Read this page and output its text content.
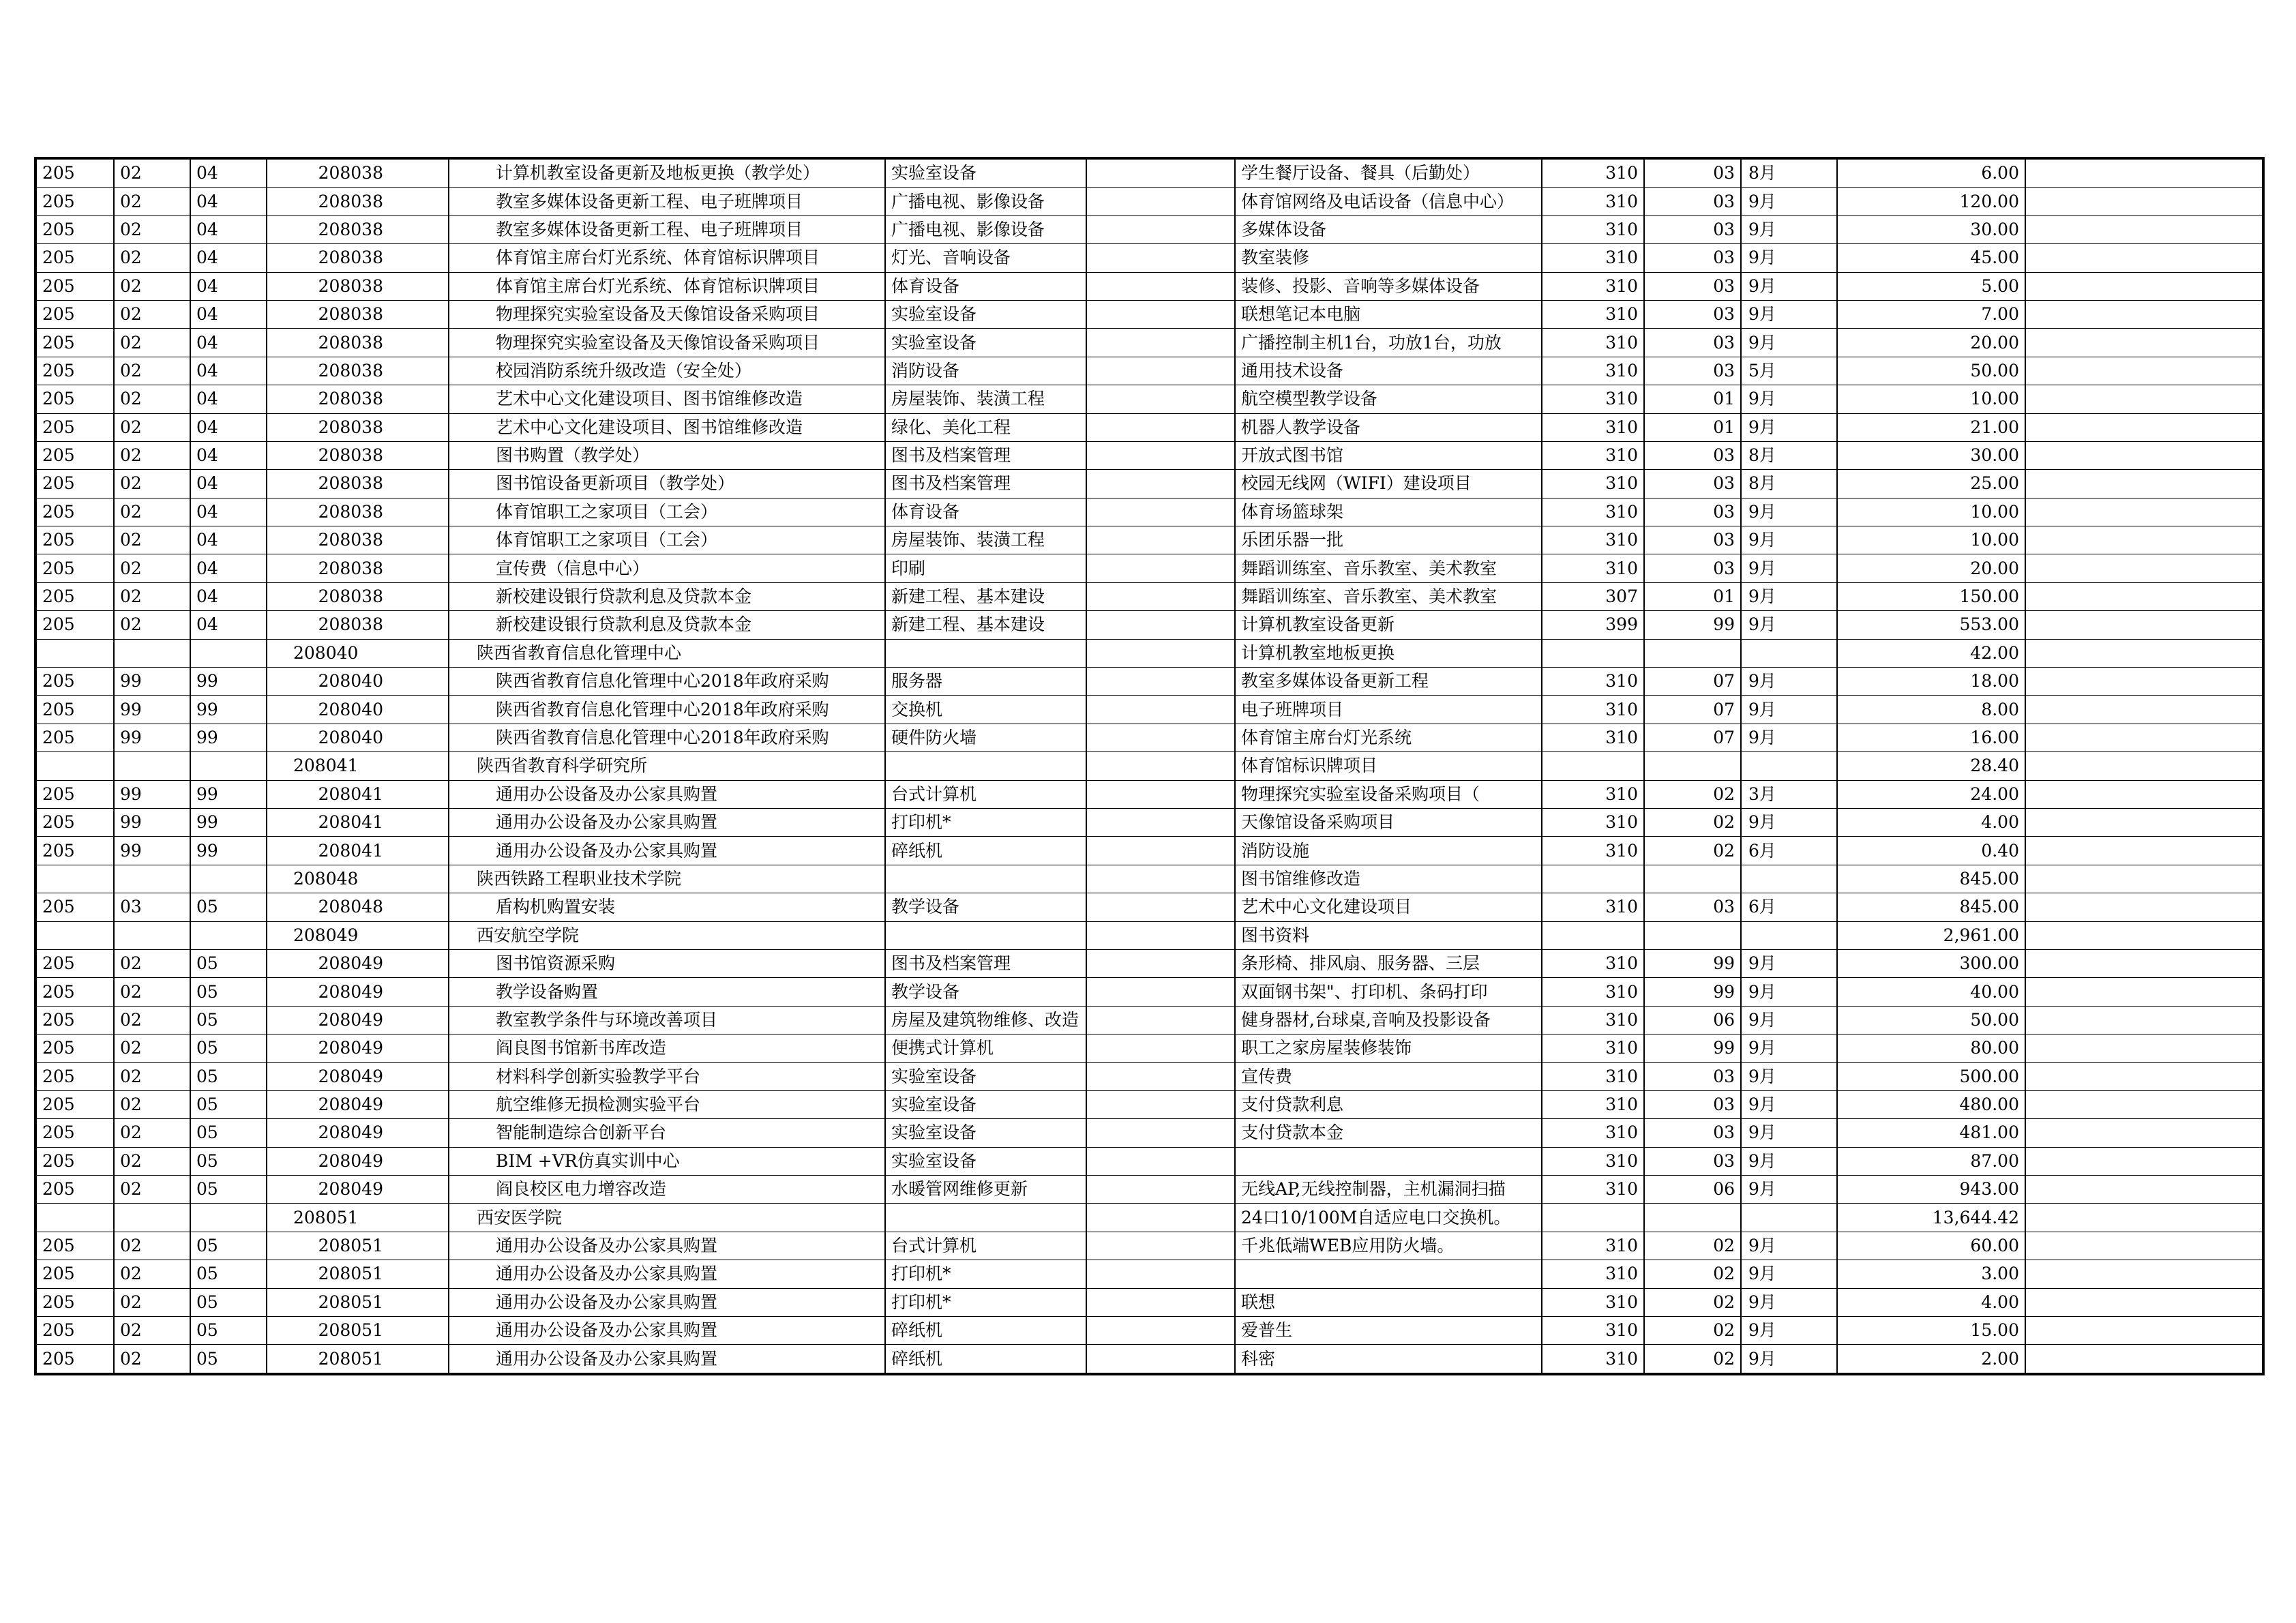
205	02	04	208038	计算机教室设备更新及地板更换（教学处）	实验室设备		学生餐厅设备、餐具（后勤处）	310	03	8月	6.00	
205	02	04	208038	教室多媒体设备更新工程、电子班牌项目	广播电视、影像设备		体育馆网络及电话设备（信息中心）	310	03	9月	120.00	
205	02	04	208038	教室多媒体设备更新工程、电子班牌项目	广播电视、影像设备		多媒体设备	310	03	9月	30.00	
205	02	04	208038	体育馆主席台灯光系统、体育馆标识牌项目	灯光、音响设备		教室装修	310	03	9月	45.00	
205	02	04	208038	体育馆主席台灯光系统、体育馆标识牌项目	体育设备		装修、投影、音响等多媒体设备	310	03	9月	5.00	
205	02	04	208038	物理探究实验室设备及天像馆设备采购项目	实验室设备		联想笔记本电脑	310	03	9月	7.00	
205	02	04	208038	物理探究实验室设备及天像馆设备采购项目	实验室设备		广播控制主机1台，功放1台，功放	310	03	9月	20.00	
205	02	04	208038	校园消防系统升级改造（安全处）	消防设备		通用技术设备	310	03	5月	50.00	
205	02	04	208038	艺术中心文化建设项目、图书馆维修改造	房屋装饰、装潢工程		航空模型教学设备	310	01	9月	10.00	
205	02	04	208038	艺术中心文化建设项目、图书馆维修改造	绿化、美化工程		机器人教学设备	310	01	9月	21.00	
205	02	04	208038	图书购置（教学处）	图书及档案管理		开放式图书馆	310	03	8月	30.00	
205	02	04	208038	图书馆设备更新项目（教学处）	图书及档案管理		校园无线网（WIFI）建设项目	310	03	8月	25.00	
205	02	04	208038	体育馆职工之家项目（工会）	体育设备		体育场篮球架	310	03	9月	10.00	
205	02	04	208038	体育馆职工之家项目（工会）	房屋装饰、装潢工程		乐团乐器一批	310	03	9月	10.00	
205	02	04	208038	宣传费（信息中心）	印刷		舞蹈训练室、音乐教室、美术教室	310	03	9月	20.00	
205	02	04	208038	新校建设银行贷款利息及贷款本金	新建工程、基本建设		舞蹈训练室、音乐教室、美术教室	307	01	9月	150.00	
205	02	04	208038	新校建设银行贷款利息及贷款本金	新建工程、基本建设		计算机教室设备更新	399	99	9月	553.00	
			208040	陕西省教育信息化管理中心			计算机教室地板更换				42.00	
205	99	99	208040	陕西省教育信息化管理中心2018年政府采购	服务器		教室多媒体设备更新工程	310	07	9月	18.00	
205	99	99	208040	陕西省教育信息化管理中心2018年政府采购	交换机		电子班牌项目	310	07	9月	8.00	
205	99	99	208040	陕西省教育信息化管理中心2018年政府采购	硬件防火墙		体育馆主席台灯光系统	310	07	9月	16.00	
			208041	陕西省教育科学研究所			体育馆标识牌项目				28.40	
205	99	99	208041	通用办公设备及办公家具购置	台式计算机		物理探究实验室设备采购项目（	310	02	3月	24.00	
205	99	99	208041	通用办公设备及办公家具购置	打印机*		天像馆设备采购项目	310	02	9月	4.00	
205	99	99	208041	通用办公设备及办公家具购置	碎纸机		消防设施	310	02	6月	0.40	
			208048	陕西铁路工程职业技术学院			图书馆维修改造				845.00	
205	03	05	208048	盾构机购置安装	教学设备		艺术中心文化建设项目	310	03	6月	845.00	
			208049	西安航空学院			图书资料				2,961.00	
205	02	05	208049	图书馆资源采购	图书及档案管理		条形椅、排风扇、服务器、三层	310	99	9月	300.00	
205	02	05	208049	教学设备购置	教学设备		双面钢书架"、打印机、条码打印	310	99	9月	40.00	
205	02	05	208049	教室教学条件与环境改善项目	房屋及建筑物维修、改造		健身器材,台球桌,音响及投影设备	310	06	9月	50.00	
205	02	05	208049	阎良图书馆新书库改造	便携式计算机		职工之家房屋装修装饰	310	99	9月	80.00	
205	02	05	208049	材料科学创新实验教学平台	实验室设备		宣传费	310	03	9月	500.00	
205	02	05	208049	航空维修无损检测实验平台	实验室设备		支付贷款利息	310	03	9月	480.00	
205	02	05	208049	智能制造综合创新平台	实验室设备		支付贷款本金	310	03	9月	481.00	
205	02	05	208049	BIM +VR仿真实训中心	实验室设备			310	03	9月	87.00	
205	02	05	208049	阎良校区电力增容改造	水暖管网维修更新		无线AP,无线控制器，主机漏洞扫描	310	06	9月	943.00	
			208051	西安医学院			24口10/100M自适应电口交换机。				13,644.42	
205	02	05	208051	通用办公设备及办公家具购置	台式计算机		千兆低端WEB应用防火墙。	310	02	9月	60.00	
205	02	05	208051	通用办公设备及办公家具购置	打印机*			310	02	9月	3.00	
205	02	05	208051	通用办公设备及办公家具购置	打印机*		联想	310	02	9月	4.00	
205	02	05	208051	通用办公设备及办公家具购置	碎纸机		爱普生	310	02	9月	15.00	
205	02	05	208051	通用办公设备及办公家具购置	碎纸机		科密	310	02	9月	2.00	
